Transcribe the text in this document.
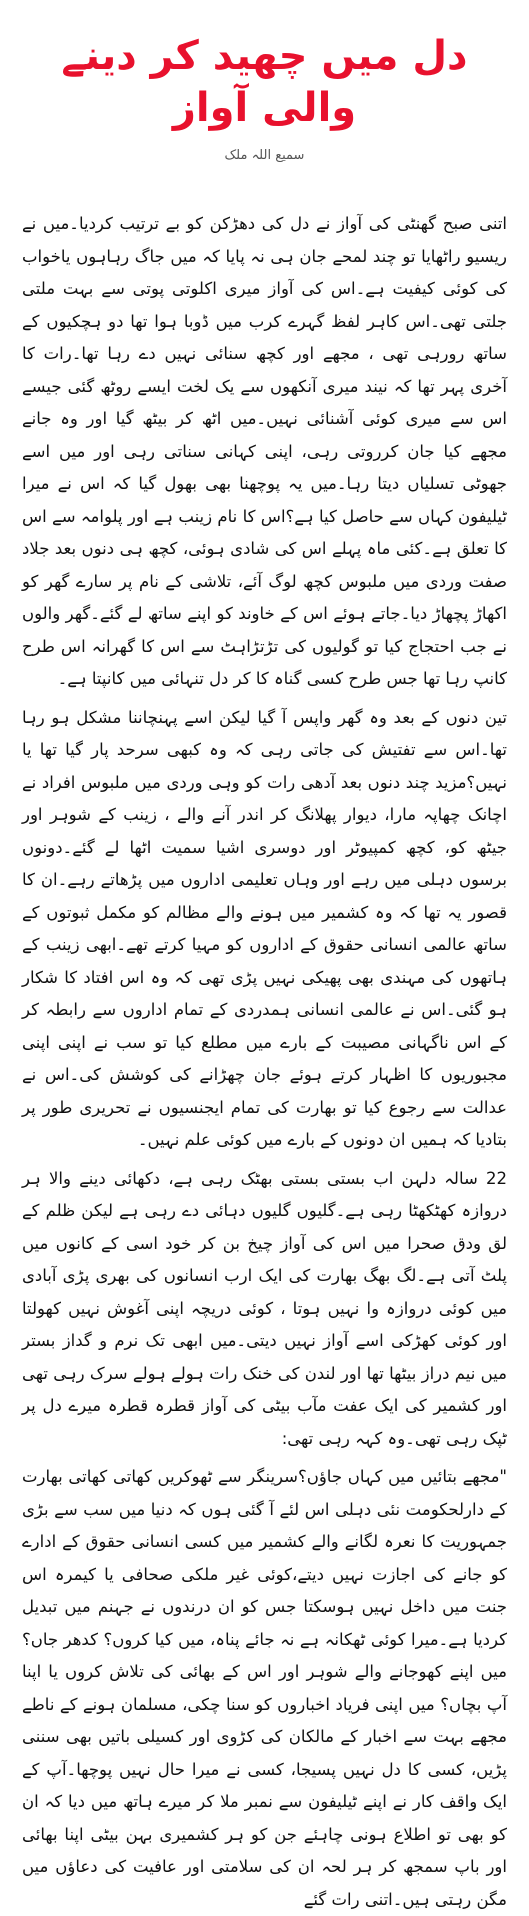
دل میں چھید کر دینے والی آواز
سمیع اللہ ملک

اتنی صبح گھنٹی کی آواز نے دل کی دھڑکن کو بے ترتیب کردیا۔میں نے ریسیو راٹھایا تو چند لمحے جان ہی نہ پایا کہ میں جاگ رہاہوں یاخواب کی کوئی کیفیت ہے۔اس کی آواز میری اکلوتی پوتی سے بہت ملتی جلتی تھی۔اس کاہر لفظ گہرے کرب میں ڈوبا ہوا تھا دو ہچکیوں کے ساتھ رورہی تھی ، مجھے اور کچھ سنائی نہیں دے رہا تھا۔رات کا آخری پہر تھا کہ نیند میری آنکھوں سے یک لخت ایسے روٹھ گئی جیسے اس سے میری کوئی آشنائی نہیں۔میں اٹھ کر بیٹھ گیا اور وہ جانے مجھے کیا جان کرروتی رہی، اپنی کہانی سناتی رہی اور میں اسے جھوٹی تسلیاں دیتا رہا۔میں یہ پوچھنا بھی بھول گیا کہ اس نے میرا ٹیلیفون کہاں سے حاصل کیا ہے؟اس کا نام زینب ہے اور پلوامہ سے اس کا تعلق ہے۔کئی ماہ پہلے اس کی شادی ہوئی، کچھ ہی دنوں بعد جلاد صفت وردی میں ملبوس کچھ لوگ آئے، تلاشی کے نام پر سارے گھر کو اکھاڑ پچھاڑ دیا۔جاتے ہوئے اس کے خاوند کو اپنے ساتھ لے گئے۔گھر والوں نے جب احتجاج کیا تو گولیوں کی تڑتڑاہٹ سے اس کا گھرانہ اس طرح کانپ رہا تھا جس طرح کسی گناہ کا کر دل تنہائی میں کانپتا ہے۔

تین دنوں کے بعد وہ گھر واپس آ گیا لیکن اسے پہنچاننا مشکل ہو رہا تھا۔اس سے تفتیش کی جاتی رہی کہ وہ کبھی سرحد پار گیا تھا یا نہیں؟مزید چند دنوں بعد آدھی رات کو وہی وردی میں ملبوس افراد نے اچانک چھاپہ مارا، دیوار پھلانگ کر اندر آنے والے ، زینب کے شوہر اور جیٹھ کو، کچھ کمپیوٹر اور دوسری اشیا سمیت اٹھا لے گئے۔دونوں برسوں دہلی میں رہے اور وہاں تعلیمی اداروں میں پڑھاتے رہے۔ان کا قصور یہ تھا کہ وہ کشمیر میں ہونے والے مظالم کو مکمل ثبوتوں کے ساتھ عالمی انسانی حقوق کے اداروں کو مہیا کرتے تھے۔ابھی زینب کے ہاتھوں کی مہندی بھی پھیکی نہیں پڑی تھی کہ وہ اس افتاد کا شکار ہو گئی۔اس نے عالمی انسانی ہمدردی کے تمام اداروں سے رابطہ کر کے اس ناگہانی مصیبت کے بارے میں مطلع کیا تو سب نے اپنی اپنی مجبوریوں کا اظہار کرتے ہوئے جان چھڑانے کی کوشش کی۔اس نے عدالت سے رجوع کیا تو بھارت کی تمام ایجنسیوں نے تحریری طور پر بتادیا کہ ہمیں ان دونوں کے بارے میں کوئی علم نہیں۔

22 سالہ دلہن اب بستی بستی بھٹک رہی ہے، دکھائی دینے والا ہر دروازہ کھٹکھٹا رہی ہے۔گلیوں گلیوں دہائی دے رہی ہے لیکن ظلم کے لق ودق صحرا میں اس کی آواز چیخ بن کر خود اسی کے کانوں میں پلٹ آتی ہے۔لگ بھگ بھارت کی ایک ارب انسانوں کی بھری پڑی آبادی میں کوئی دروازہ وا نہیں ہوتا ، کوئی دریچہ اپنی آغوش نہیں کھولتا اور کوئی کھڑکی اسے آواز نہیں دیتی۔میں ابھی تک نرم و گداز بستر میں نیم دراز بیٹھا تھا اور لندن کی خنک رات ہولے ہولے سرک رہی تھی اور کشمیر کی ایک عفت مآب بیٹی کی آواز قطرہ قطرہ میرے دل پر ٹپک رہی تھی۔وہ کہہ رہی تھی:

"مجھے بتائیں میں کہاں جاؤں؟سرینگر سے ٹھوکریں کھاتی کھاتی بھارت کے دارلحکومت نئی دہلی اس لئے آ گئی ہوں کہ دنیا میں سب سے بڑی جمہوریت کا نعرہ لگانے والے کشمیر میں کسی انسانی حقوق کے ادارے کو جانے کی اجازت نہیں دیتے،کوئی غیر ملکی صحافی یا کیمرہ اس جنت میں داخل نہیں ہوسکتا جس کو ان درندوں نے جہنم میں تبدیل کردیا ہے۔میرا کوئی ٹھکانہ ہے نہ جائے پناہ، میں کیا کروں؟ کدھر جاں؟ میں اپنے کھوجانے والے شوہر اور اس کے بھائی کی تلاش کروں یا اپنا آپ بچاں؟ میں اپنی فریاد اخباروں کو سنا چکی، مسلمان ہونے کے ناطے مجھے بہت سے اخبار کے مالکان کی کڑوی اور کسیلی باتیں بھی سننی پڑیں، کسی کا دل نہیں پسیجا، کسی نے میرا حال نہیں پوچھا۔آپ کے ایک واقف کار نے اپنے ٹیلیفون سے نمبر ملا کر میرے ہاتھ میں دیا کہ ان کو بھی تو اطلاع ہونی چاہئے جن کو ہر کشمیری بہن بیٹی اپنا بھائی اور باپ سمجھ کر ہر لحہ ان کی سلامتی اور عافیت کی دعاؤں میں مگن رہتی ہیں۔اتنی رات گئے
